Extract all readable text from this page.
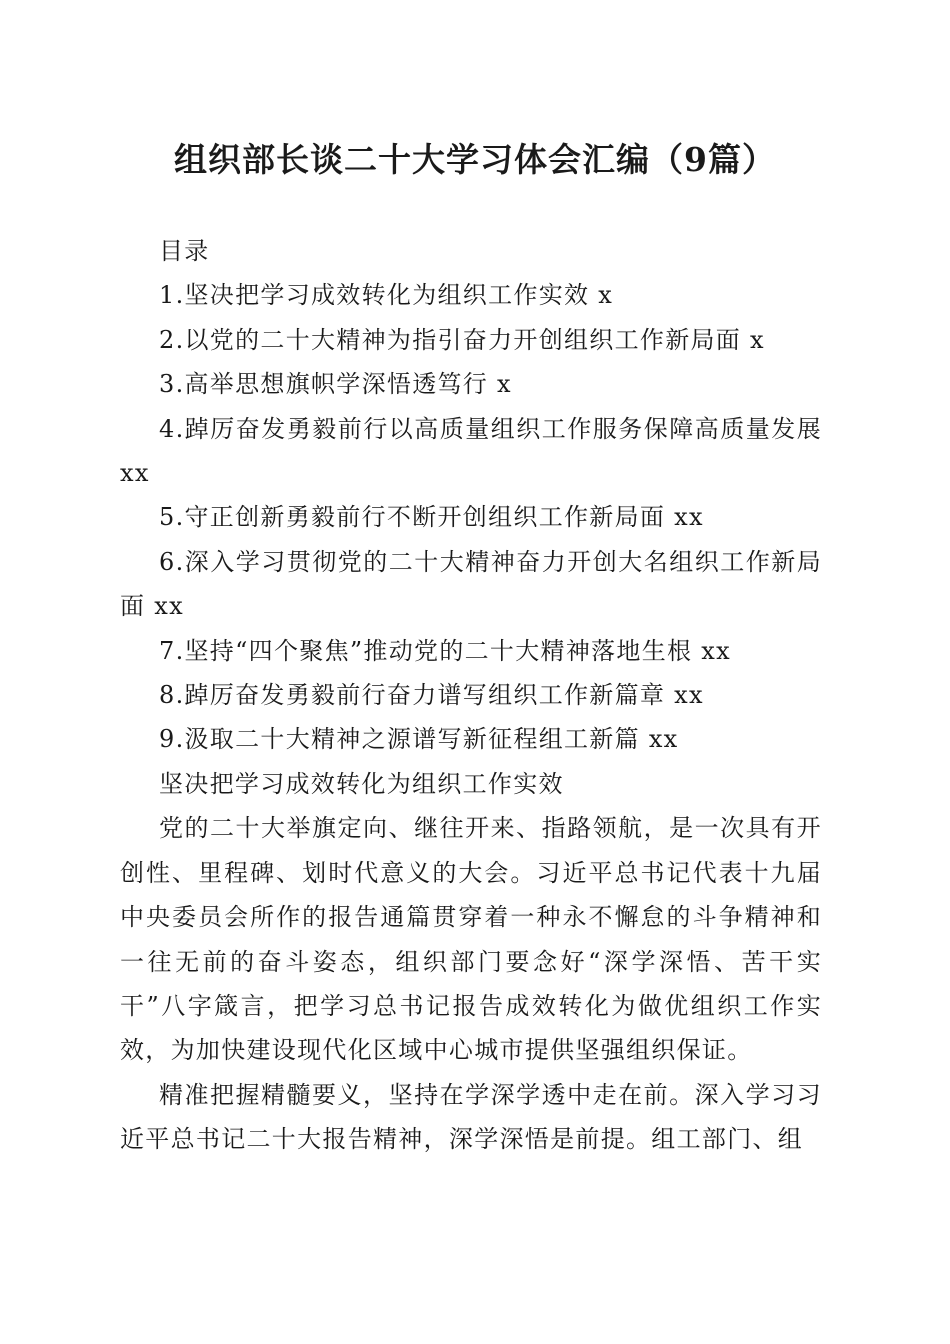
组织部长谈二十大学习体会汇编（9篇）

目录

1.坚决把学习成效转化为组织工作实效 x

2.以党的二十大精神为指引奋力开创组织工作新局面 x

3.高举思想旗帜学深悟透笃行 x

4.踔厉奋发勇毅前行以高质量组织工作服务保障高质量发展 xx

5.守正创新勇毅前行不断开创组织工作新局面 xx

6.深入学习贯彻党的二十大精神奋力开创大名组织工作新局面 xx

7.坚持“四个聚焦”推动党的二十大精神落地生根 xx

8.踔厉奋发勇毅前行奋力谱写组织工作新篇章 xx

9.汲取二十大精神之源谱写新征程组工新篇 xx

坚决把学习成效转化为组织工作实效

党的二十大举旗定向、继往开来、指路领航，是一次具有开创性、里程碑、划时代意义的大会。习近平总书记代表十九届中央委员会所作的报告通篇贯穿着一种永不懈怠的斗争精神和一往无前的奋斗姿态，组织部门要念好“深学深悟、苦干实干”八字箴言，把学习总书记报告成效转化为做优组织工作实效，为加快建设现代化区域中心城市提供坚强组织保证。

精准把握精髓要义，坚持在学深学透中走在前。深入学习习近平总书记二十大报告精神，深学深悟是前提。组工部门、组
